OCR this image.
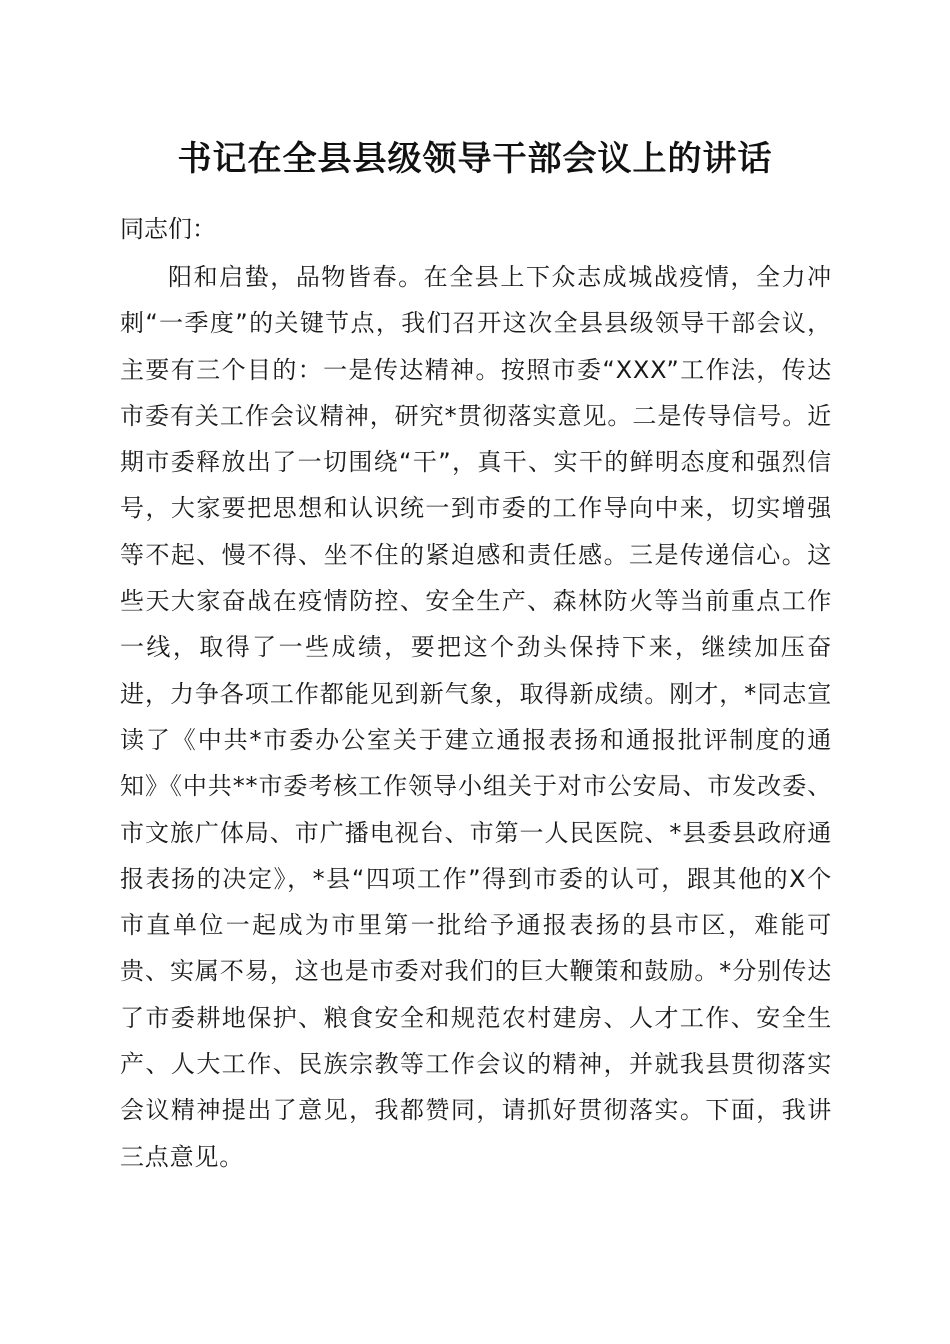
书记在全县县级领导干部会议上的讲话

同志们：

阳和启蛰，品物皆春。在全县上下众志成城战疫情，全力冲刺“一季度”的关键节点，我们召开这次全县县级领导干部会议，主要有三个目的：一是传达精神。按照市委“XXX”工作法，传达市委有关工作会议精神，研究*贯彻落实意见。二是传导信号。近期市委释放出了一切围绕“干”，真干、实干的鲜明态度和强烈信号，大家要把思想和认识统一到市委的工作导向中来，切实增强等不起、慢不得、坐不住的紧迫感和责任感。三是传递信心。这些天大家奋战在疫情防控、安全生产、森林防火等当前重点工作一线，取得了一些成绩，要把这个劲头保持下来，继续加压奋进，力争各项工作都能见到新气象，取得新成绩。刚才，*同志宣读了《中共*市委办公室关于建立通报表扬和通报批评制度的通知》《中共**市委考核工作领导小组关于对市公安局、市发改委、市文旅广体局、市广播电视台、市第一人民医院、*县委县政府通报表扬的决定》，*县“四项工作”得到市委的认可，跟其他的X个市直单位一起成为市里第一批给予通报表扬的县市区，难能可贵、实属不易，这也是市委对我们的巨大鞭策和鼓励。*分别传达了市委耕地保护、粮食安全和规范农村建房、人才工作、安全生产、人大工作、民族宗教等工作会议的精神，并就我县贯彻落实会议精神提出了意见，我都赞同，请抓好贯彻落实。下面，我讲三点意见。
